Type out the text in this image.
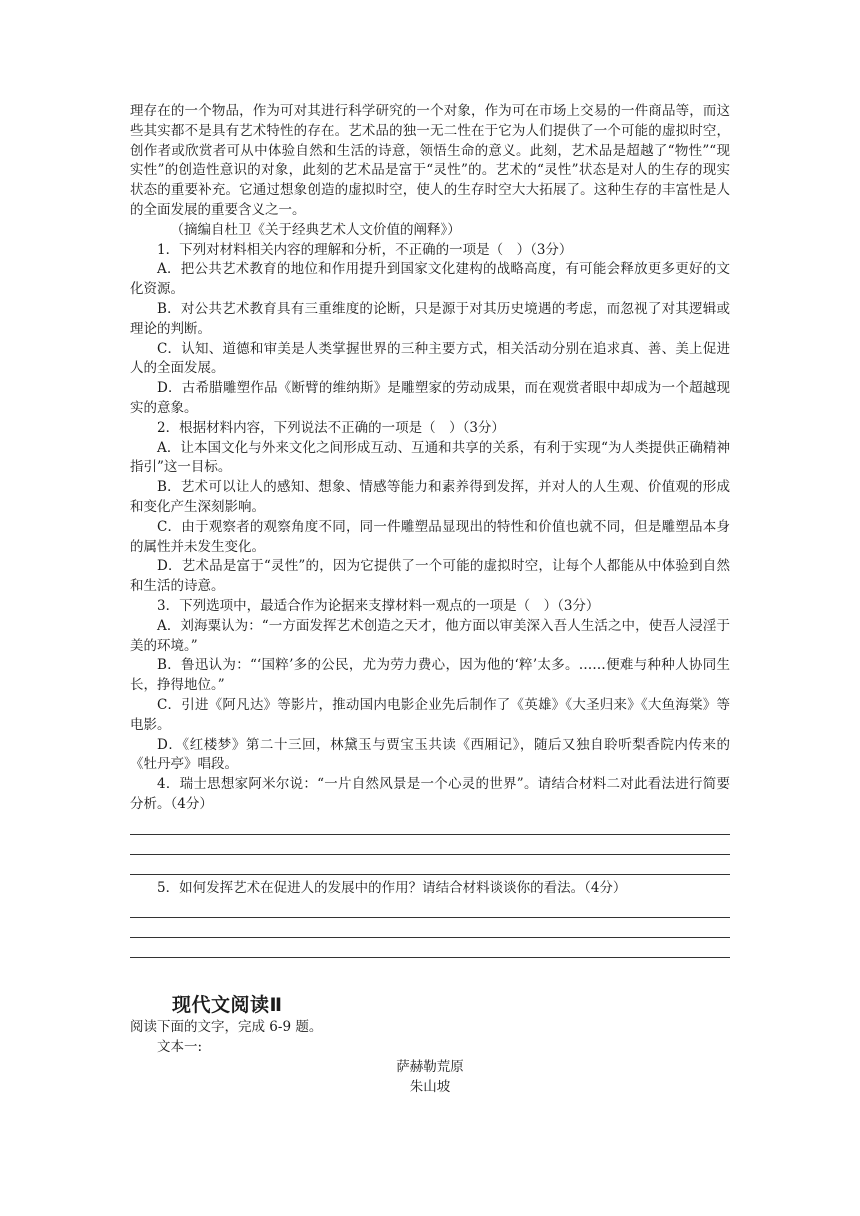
理存在的一个物品，作为可对其进行科学研究的一个对象，作为可在市场上交易的一件商品等，而这些其实都不是具有艺术特性的存在。艺术品的独一无二性在于它为人们提供了一个可能的虚拟时空，创作者或欣赏者可从中体验自然和生活的诗意，领悟生命的意义。此刻，艺术品是超越了“物性”“现实性”的创造性意识的对象，此刻的艺术品是富于“灵性”的。艺术的“灵性”状态是对人的生存的现实状态的重要补充。它通过想象创造的虚拟时空，使人的生存时空大大拓展了。这种生存的丰富性是人的全面发展的重要含义之一。

（摘编自杜卫《关于经典艺术人文价值的阐释》）

1．下列对材料相关内容的理解和分析，不正确的一项是（　）（3分）

A．把公共艺术教育的地位和作用提升到国家文化建构的战略高度，有可能会释放更多更好的文化资源。

B．对公共艺术教育具有三重维度的论断，只是源于对其历史境遇的考虑，而忽视了对其逻辑或理论的判断。

C．认知、道德和审美是人类掌握世界的三种主要方式，相关活动分别在追求真、善、美上促进人的全面发展。

D．古希腊雕塑作品《断臂的维纳斯》是雕塑家的劳动成果，而在观赏者眼中却成为一个超越现实的意象。

2．根据材料内容，下列说法不正确的一项是（　）（3分）

A．让本国文化与外来文化之间形成互动、互通和共享的关系，有利于实现“为人类提供正确精神指引”这一目标。

B．艺术可以让人的感知、想象、情感等能力和素养得到发挥，并对人的人生观、价值观的形成和变化产生深刻影响。

C．由于观察者的观察角度不同，同一件雕塑品显现出的特性和价值也就不同，但是雕塑品本身的属性并未发生变化。

D．艺术品是富于“灵性”的，因为它提供了一个可能的虚拟时空，让每个人都能从中体验到自然和生活的诗意。

3．下列选项中，最适合作为论据来支撑材料一观点的一项是（　）（3分）

A．刘海粟认为：“一方面发挥艺术创造之天才，他方面以审美深入吾人生活之中，使吾人浸淫于美的环境。”

B．鲁迅认为：“‘国粹’多的公民，尤为劳力费心，因为他的‘粹’太多。……便难与种种人协同生长，挣得地位。”

C．引进《阿凡达》等影片，推动国内电影企业先后制作了《英雄》《大圣归来》《大鱼海棠》等电影。

D．《红楼梦》第二十三回，林黛玉与贾宝玉共读《西厢记》，随后又独自聆听梨香院内传来的《牡丹亭》唱段。

4．瑞士思想家阿米尔说：“一片自然风景是一个心灵的世界”。请结合材料二对此看法进行简要分析。（4分）

5．如何发挥艺术在促进人的发展中的作用？请结合材料谈谈你的看法。（4分）

现代文阅读Ⅱ

阅读下面的文字，完成 6-9 题。

文本一:

萨赫勒荒原

朱山坡
